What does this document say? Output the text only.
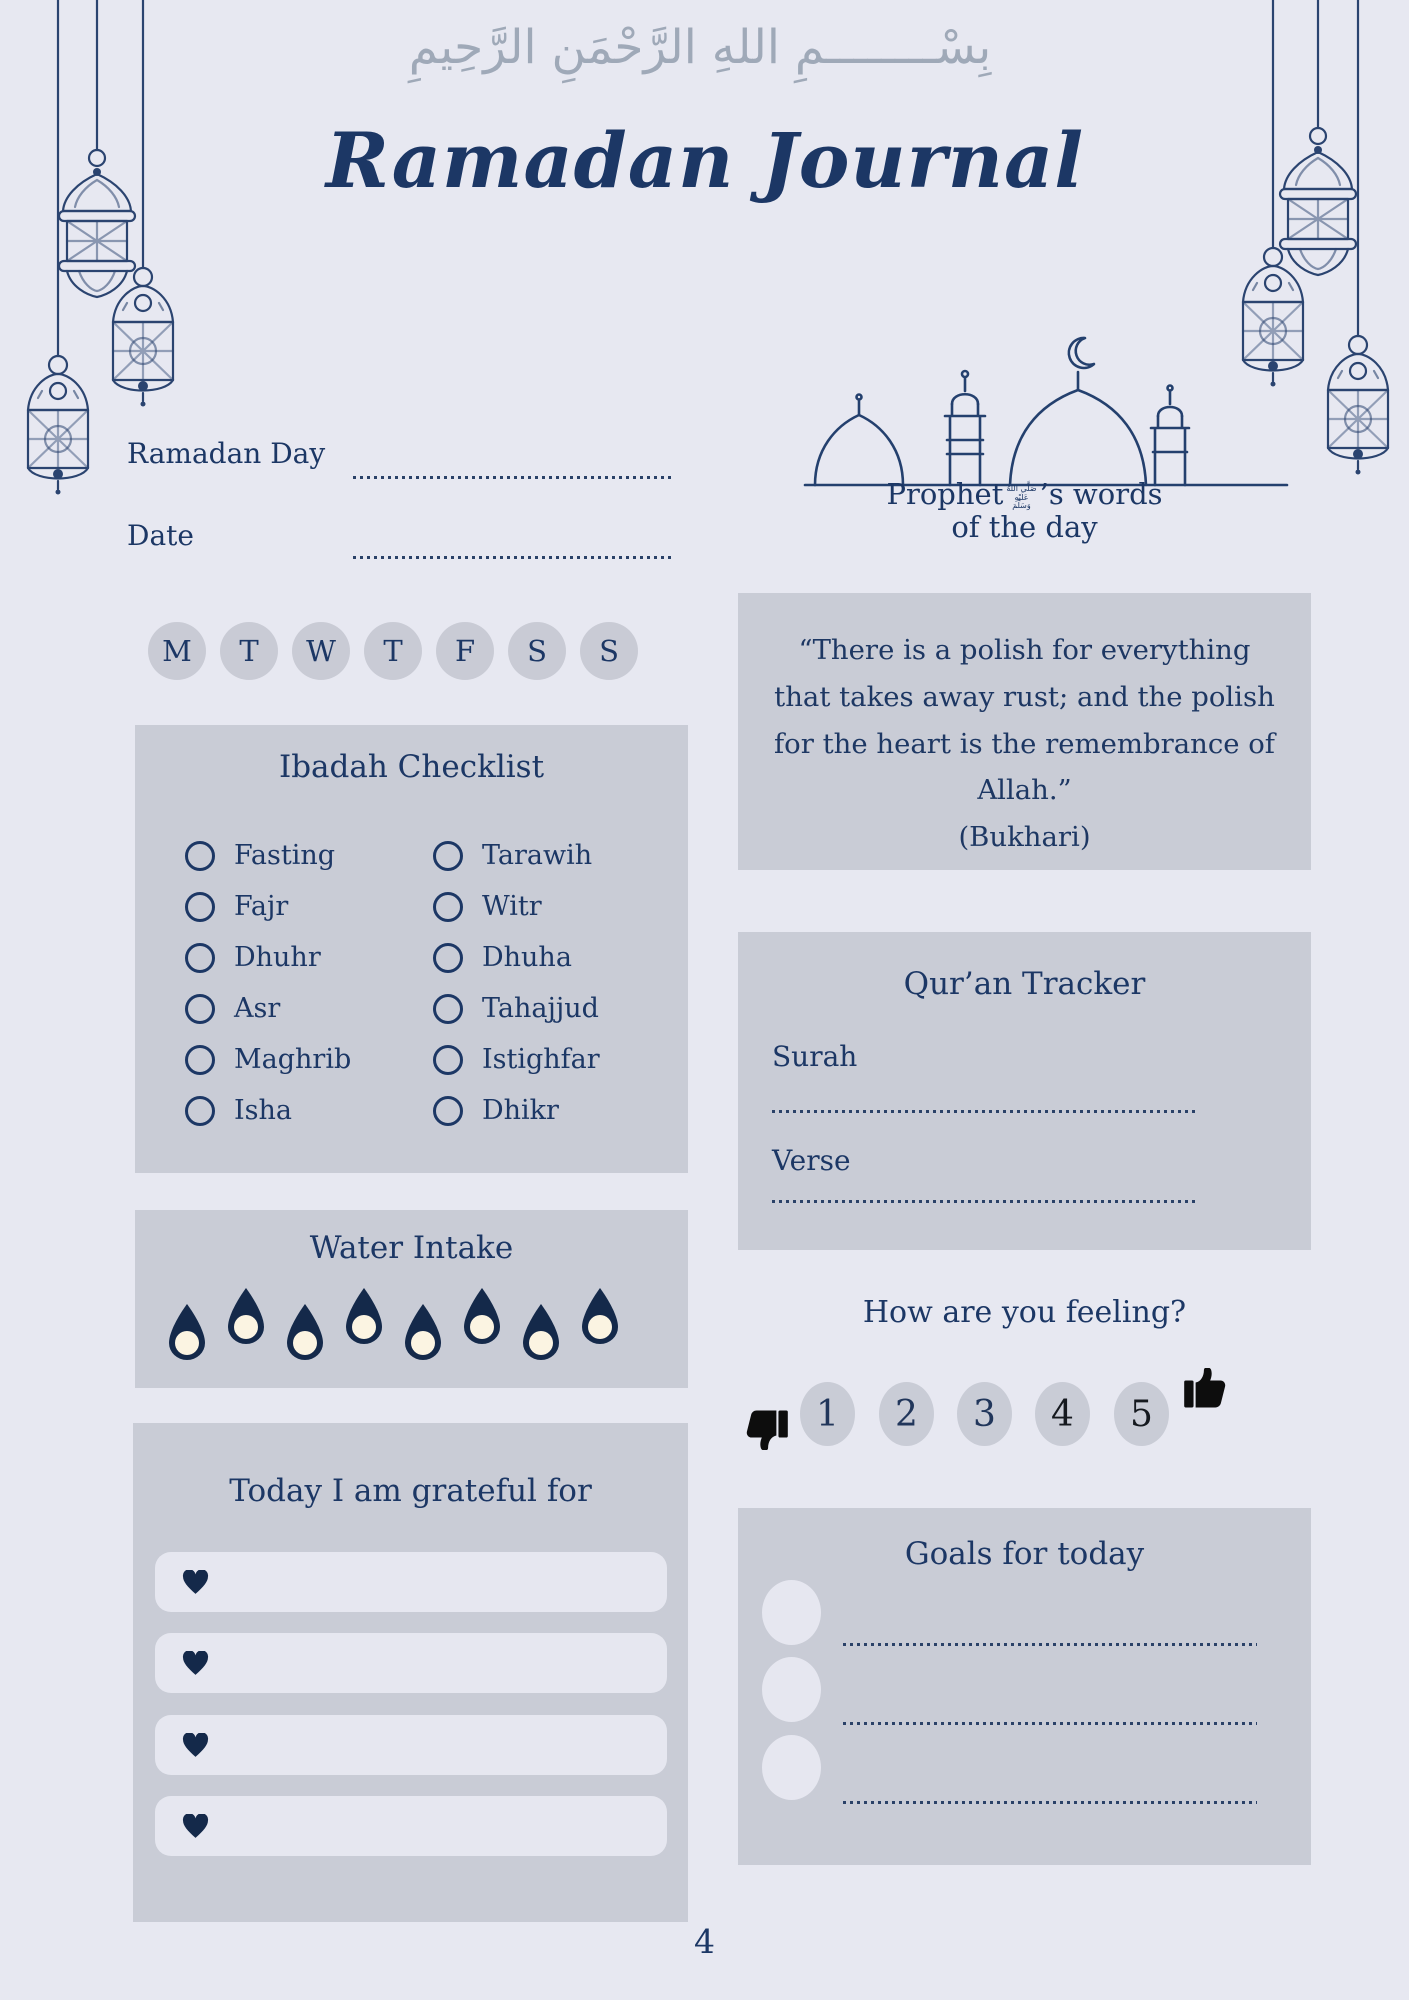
بِسْــــــــمِ اللهِ الرَّحْمَنِ الرَّحِيمِ
Ramadan Journal
Prophet صَلَّى اللهُ
عَلَيْهِ
وَسَلَّمَ ’s words
of the day
Ramadan Day
Date
M	T	W	T	F	S	S
Ibadah Checklist
Fasting
Fajr
Dhuhr
Asr
Maghrib
Isha
Tarawih
Witr
Dhuha
Tahajjud
Istighfar
Dhikr
“There is a polish for everything
that takes away rust; and the polish
for the heart is the remembrance of
Allah.”
(Bukhari)
Qur’an Tracker
Surah
Verse
Water Intake
How are you feeling?
1	2	3	4	5
Today I am grateful for
Goals for today
4
